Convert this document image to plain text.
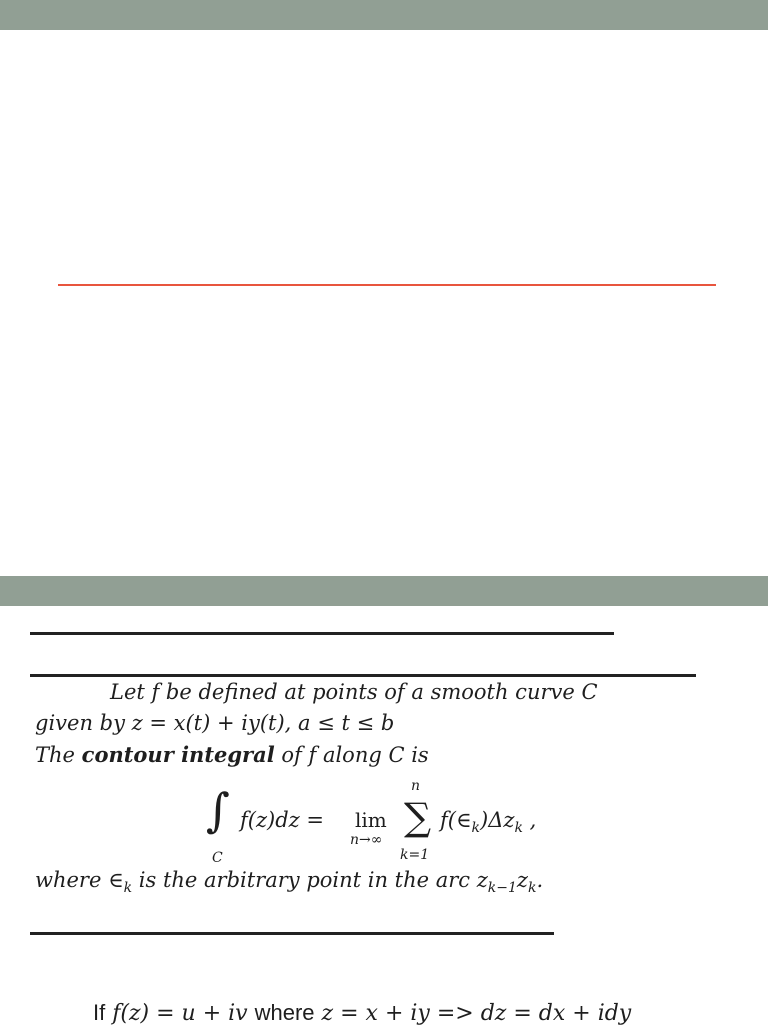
Let f be defined at points of a smooth curve C
given by z = x(t) + iy(t), a ≤ t ≤ b
The contour integral of f along C is
∫
C
f(z)dz = lim
n→∞
n
∑
k=1
$f(\in_k)\Delta z_k$ ,
where $\in_k$ is the arbitrary point in the arc $z_{k-1}z_k$.
If f(z) = u + iv where z = x + iy => dz = dx + idy
